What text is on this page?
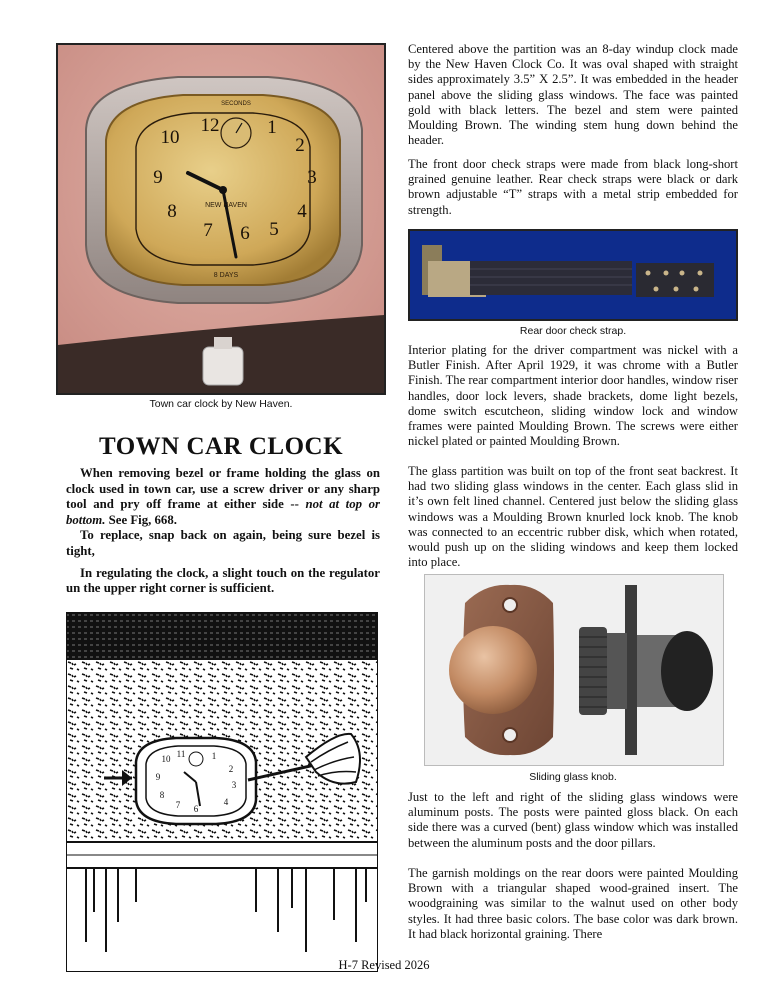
12	1
2
3
4
5
6
7
8
9
10
SECONDS
NEW HAVEN
8 DAYS
Town car clock by New Haven.
TOWN CAR CLOCK

When removing bezel or frame holding the glass on clock used in town car, use a screw driver or any sharp tool and pry off frame at either side -- not at top or bottom. See Fig, 668.

To replace, snap back on again, being sure bezel is tight,

In regulating the clock, a slight touch on the regulator un the upper right corner is sufficient.

10 11	1
2
3
4
6
7
8
9
Centered above the partition was an 8-day windup clock made by the New Haven Clock Co. It was oval shaped with straight sides approximately 3.5” X 2.5”. It was embedded in the header panel above the sliding glass windows. The face was painted gold with black letters. The bezel and stem were painted Moulding Brown. The winding stem hung down behind the header.
The front door check straps were made from black long-short grained genuine leather. Rear check straps were black or dark brown adjustable “T” straps with a metal strip embedded for strength.
Rear door check strap.
Interior plating for the driver compartment was nickel with a Butler Finish. After April 1929, it was chrome with a Butler Finish. The rear compartment interior door handles, window riser handles, door lock levers, shade brackets, dome light bezels, dome switch escutcheon, sliding window lock and window frames were painted Moulding Brown. The screws were either nickel plated or painted Moulding Brown.
The glass partition was built on top of the front seat backrest. It had two sliding glass windows in the center. Each glass slid in it’s own felt lined channel. Centered just below the sliding glass windows was a Moulding Brown knurled lock knob. The knob was connected to an eccentric rubber disk, which when rotated, would push up on the sliding windows and keep them locked into place.
Sliding glass knob.
Just to the left and right of the sliding glass windows were aluminum posts. The posts were painted gloss black. On each side there was a curved (bent) glass window which was installed between the aluminum posts and the door pillars.
The garnish moldings on the rear doors were painted Moulding Brown with a triangular shaped wood-grained insert. The woodgraining was similar to the walnut used on other body styles. It had three basic colors. The base color was dark brown. It had black horizontal graining. There
H-7 Revised 2026
